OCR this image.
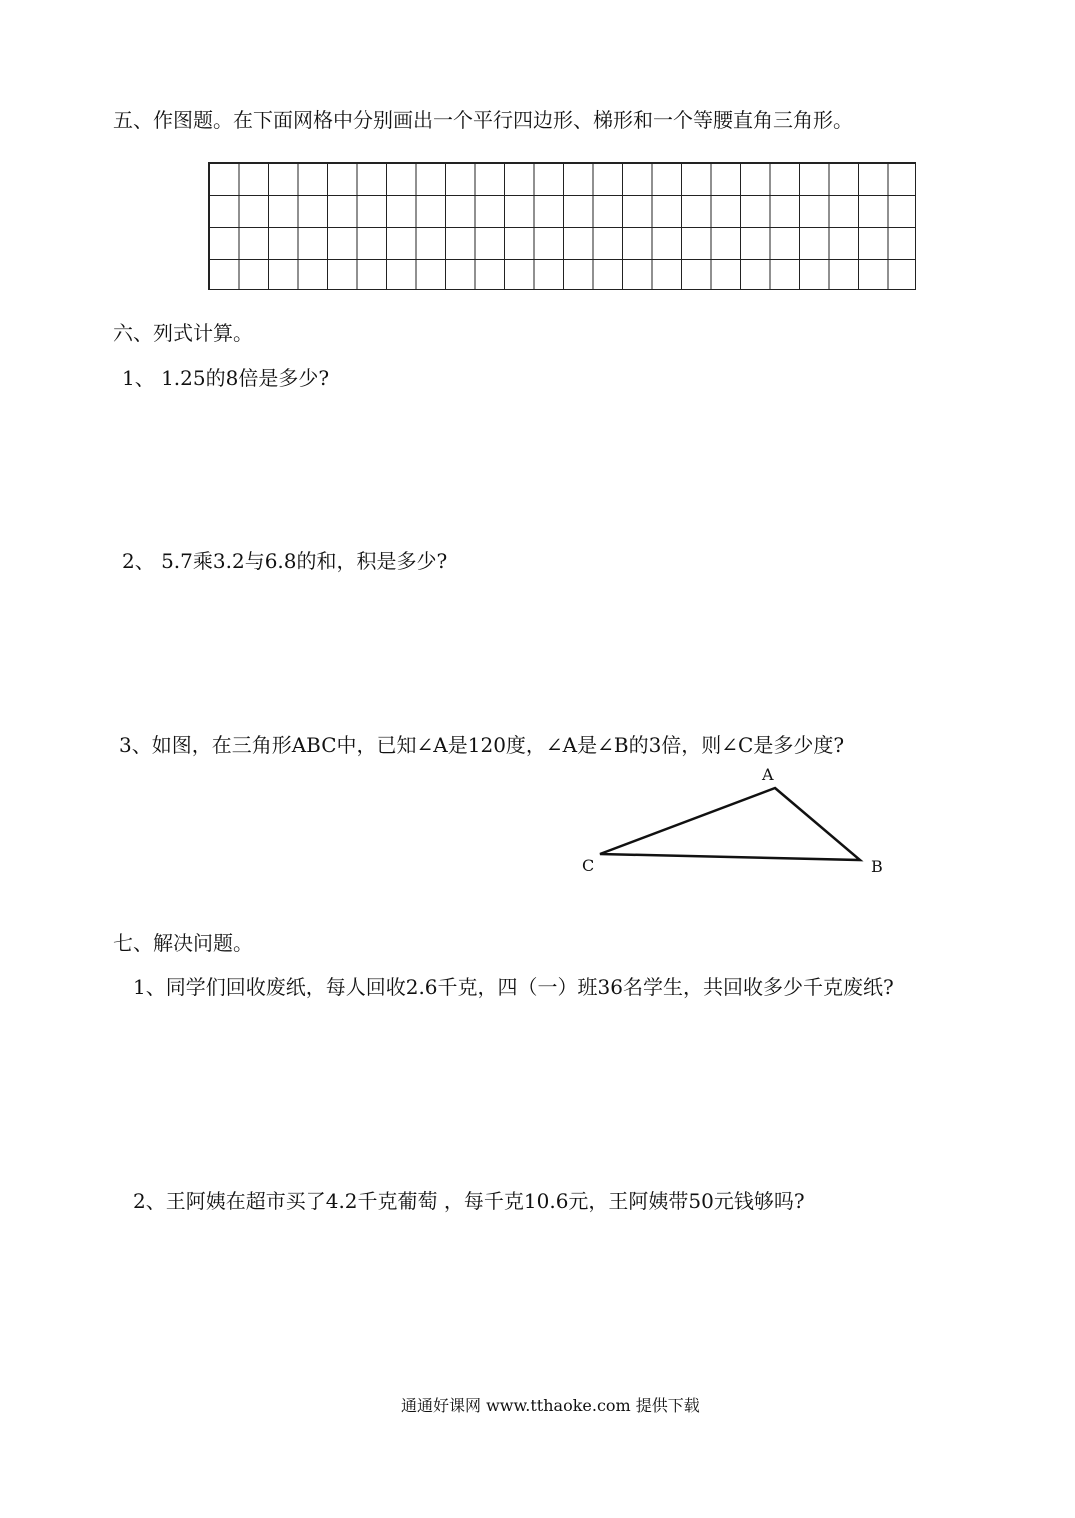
五、作图题。在下面网格中分别画出一个平行四边形、梯形和一个等腰直角三角形。
六、列式计算。
1、 1.25的8倍是多少?
2、 5.7乘3.2与6.8的和，积是多少?
3、如图，在三角形ABC中，已知∠A是120度，∠A是∠B的3倍，则∠C是多少度?
A
B
C
七、解决问题。
1、同学们回收废纸，每人回收2.6千克，四（一）班36名学生，共回收多少千克废纸?
2、王阿姨在超市买了4.2千克葡萄 ，每千克10.6元，王阿姨带50元钱够吗?
通通好课网 www.tthaoke.com 提供下载
